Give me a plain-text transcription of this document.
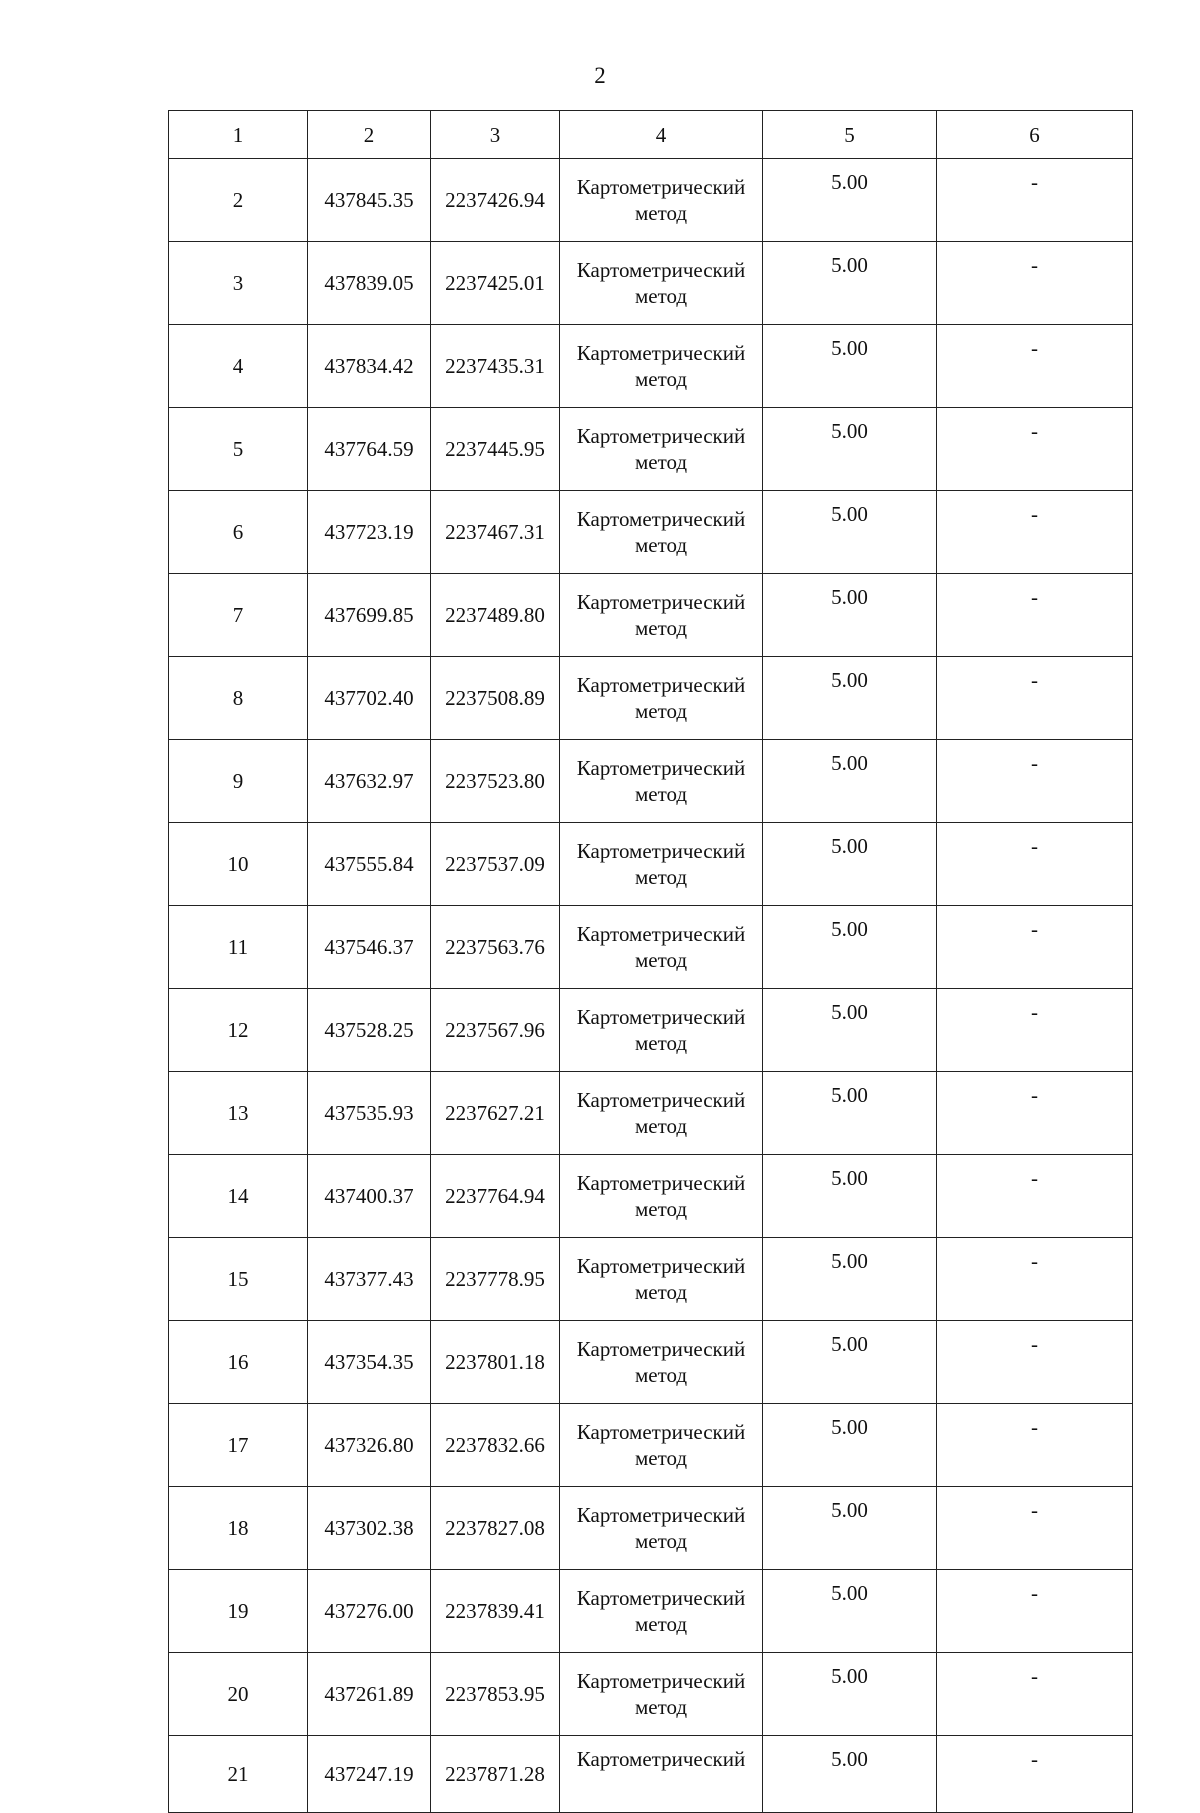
2
1	2	3	4	5	6
2	437845.35	2237426.94	Картометрический
метод	5.00	-
3	437839.05	2237425.01	Картометрический
метод	5.00	-
4	437834.42	2237435.31	Картометрический
метод	5.00	-
5	437764.59	2237445.95	Картометрический
метод	5.00	-
6	437723.19	2237467.31	Картометрический
метод	5.00	-
7	437699.85	2237489.80	Картометрический
метод	5.00	-
8	437702.40	2237508.89	Картометрический
метод	5.00	-
9	437632.97	2237523.80	Картометрический
метод	5.00	-
10	437555.84	2237537.09	Картометрический
метод	5.00	-
11	437546.37	2237563.76	Картометрический
метод	5.00	-
12	437528.25	2237567.96	Картометрический
метод	5.00	-
13	437535.93	2237627.21	Картометрический
метод	5.00	-
14	437400.37	2237764.94	Картометрический
метод	5.00	-
15	437377.43	2237778.95	Картометрический
метод	5.00	-
16	437354.35	2237801.18	Картометрический
метод	5.00	-
17	437326.80	2237832.66	Картометрический
метод	5.00	-
18	437302.38	2237827.08	Картометрический
метод	5.00	-
19	437276.00	2237839.41	Картометрический
метод	5.00	-
20	437261.89	2237853.95	Картометрический
метод	5.00	-
21	437247.19	2237871.28	Картометрический	5.00	-
